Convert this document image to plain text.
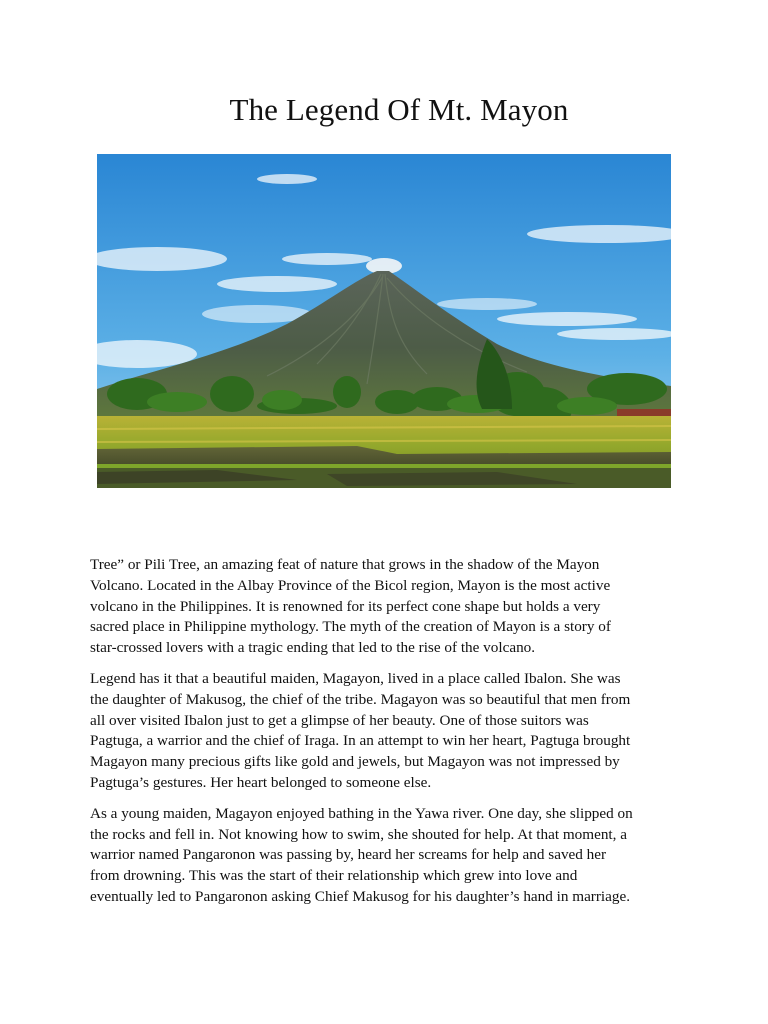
The Legend Of Mt. Mayon

Tree” or Pili Tree, an amazing feat of nature that grows in the shadow of the Mayon
Volcano. Located in the Albay Province of the Bicol region, Mayon is the most active
volcano in the Philippines. It is renowned for its perfect cone shape but holds a very
sacred place in Philippine mythology. The myth of the creation of Mayon is a story of
star-crossed lovers with a tragic ending that led to the rise of the volcano.

Legend has it that a beautiful maiden, Magayon, lived in a place called Ibalon. She was
the daughter of Makusog, the chief of the tribe. Magayon was so beautiful that men from
all over visited Ibalon just to get a glimpse of her beauty. One of those suitors was
Pagtuga, a warrior and the chief of Iraga. In an attempt to win her heart, Pagtuga brought
Magayon many precious gifts like gold and jewels, but Magayon was not impressed by
Pagtuga’s gestures. Her heart belonged to someone else.

As a young maiden, Magayon enjoyed bathing in the Yawa river. One day, she slipped on
the rocks and fell in. Not knowing how to swim, she shouted for help. At that moment, a
warrior named Pangaronon was passing by, heard her screams for help and saved her
from drowning. This was the start of their relationship which grew into love and
eventually led to Pangaronon asking Chief Makusog for his daughter’s hand in marriage.
